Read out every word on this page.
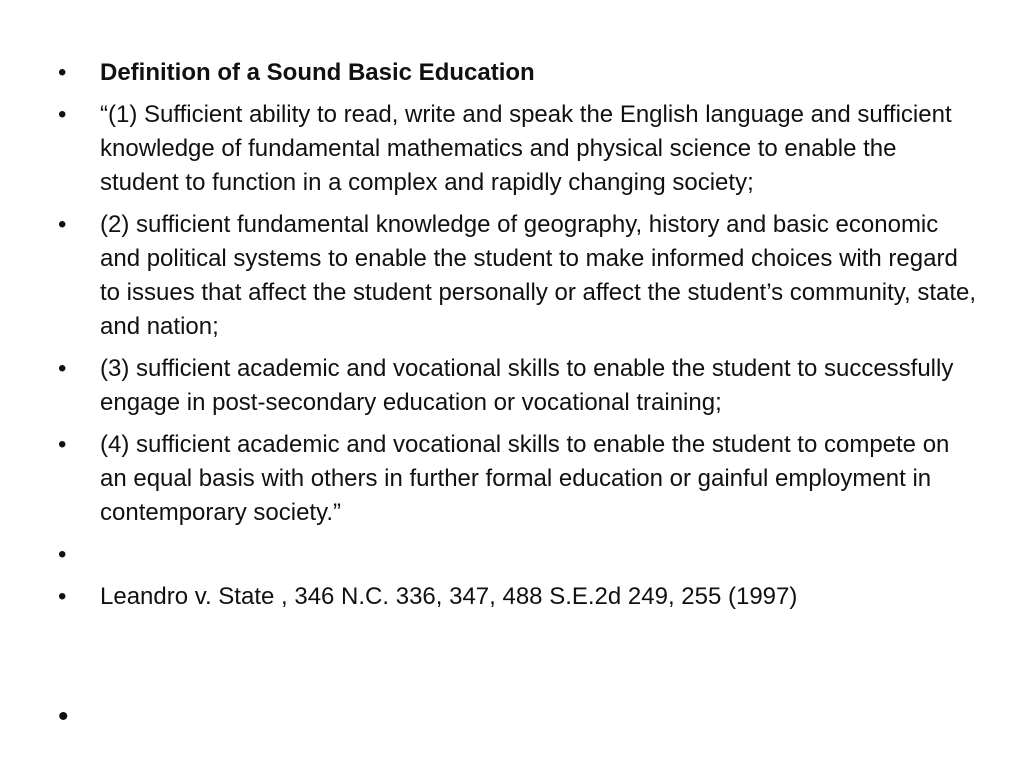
•	Definition of a Sound Basic Education
•	“(1) Sufficient ability to read, write and speak the English language and sufficient knowledge of fundamental mathematics and physical science to enable the student to function in a complex and rapidly changing society;
•	(2) sufficient fundamental knowledge of geography, history and basic economic and political systems to enable the student to make informed choices with regard to issues that affect the student personally or affect the student’s community, state, and nation;
•	(3) sufficient academic and vocational skills to enable the student to successfully engage in post-secondary education or vocational training;
•	(4) sufficient academic and vocational skills to enable the student to compete on an equal basis with others in further formal education or gainful employment in contemporary society.”
•
•	Leandro v. State , 346 N.C. 336, 347, 488 S.E.2d 249, 255 (1997)
•
